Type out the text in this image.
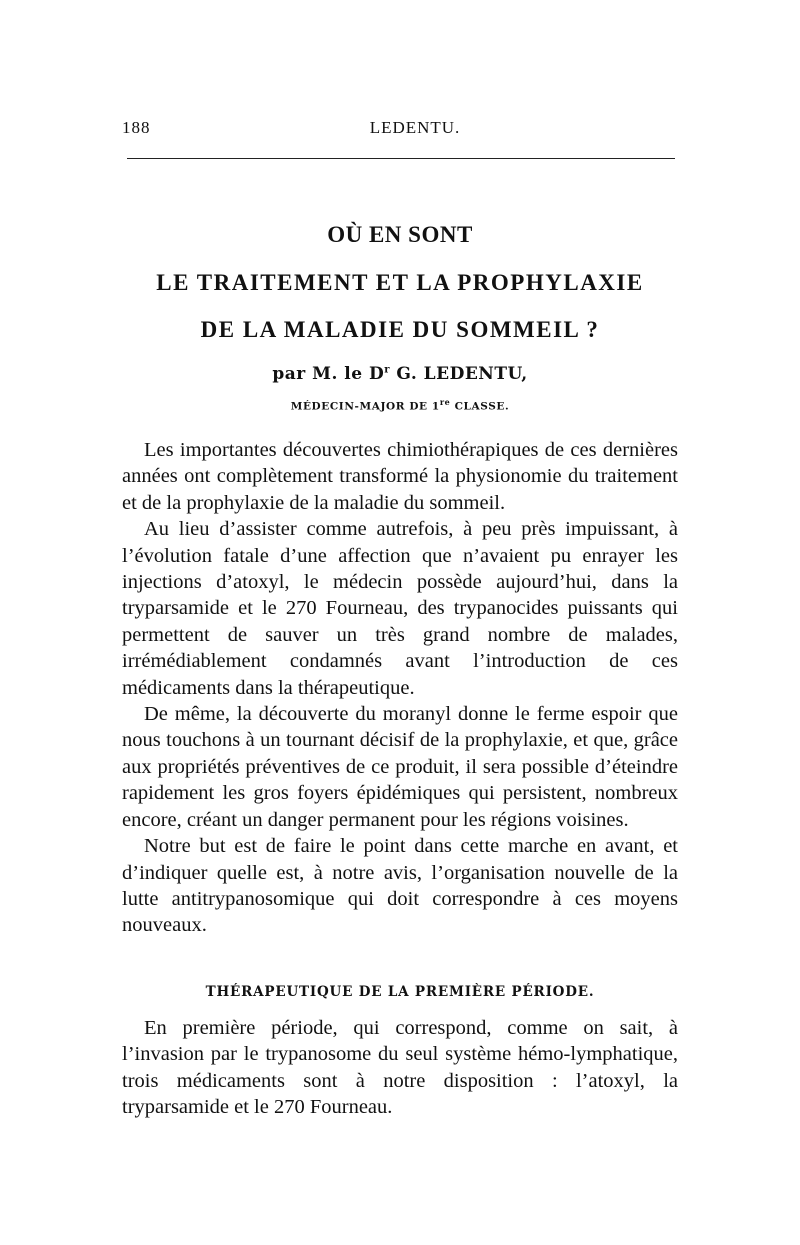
188	LEDENTU.
OÙ EN SONT
LE TRAITEMENT ET LA PROPHYLAXIE
DE LA MALADIE DU SOMMEIL ?
par M. le $D^r$ G. LEDENTU,
MÉDECIN-MAJOR DE 1re CLASSE.

Les importantes découvertes chimiothérapiques de ces dernières années ont complètement transformé la physionomie du traitement et de la prophylaxie de la maladie du sommeil.

Au lieu d’assister comme autrefois, à peu près impuissant, à l’évolution fatale d’une affection que n’avaient pu enrayer les injections d’atoxyl, le médecin possède aujourd’hui, dans la tryparsamide et le 270 Fourneau, des trypanocides puissants qui permettent de sauver un très grand nombre de malades, irrémédiablement condamnés avant l’introduction de ces médicaments dans la thérapeutique.

De même, la découverte du moranyl donne le ferme espoir que nous touchons à un tournant décisif de la prophylaxie, et que, grâce aux propriétés préventives de ce produit, il sera possible d’éteindre rapidement les gros foyers épidémiques qui persistent, nombreux encore, créant un danger permanent pour les régions voisines.

Notre but est de faire le point dans cette marche en avant, et d’indiquer quelle est, à notre avis, l’organisation nouvelle de la lutte antitrypanosomique qui doit correspondre à ces moyens nouveaux.

THÉRAPEUTIQUE DE LA PREMIÈRE PÉRIODE.

En première période, qui correspond, comme on sait, à l’invasion par le trypanosome du seul système hémo-lymphatique, trois médicaments sont à notre disposition : l’atoxyl, la tryparsamide et le 270 Fourneau.
